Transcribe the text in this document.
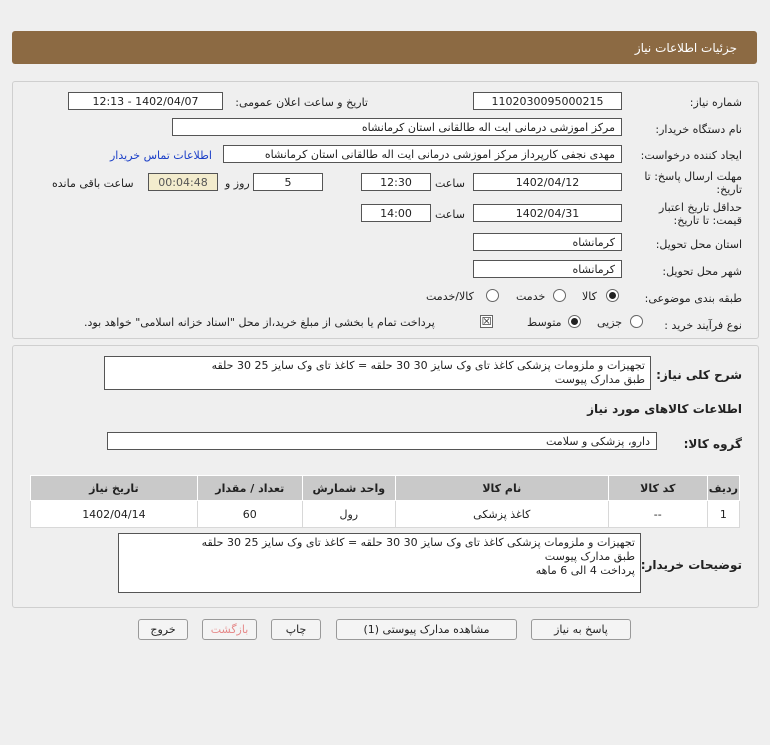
جزئیات اطلاعات نیاز
شماره نیاز:
1102030095000215
تاریخ و ساعت اعلان عمومی:
1402/04/07 - 12:13
نام دستگاه خریدار:
مرکز اموزشی درمانی ایت اله طالقانی استان کرمانشاه
ایجاد کننده درخواست:
مهدی نجفی کارپرداز مرکز اموزشی درمانی ایت اله طالقانی استان کرمانشاه
اطلاعات تماس خریدار
مهلت ارسال پاسخ: تا
تاریخ:
1402/04/12
ساعت
12:30
5
روز و
00:04:48
ساعت باقی مانده
حداقل تاریخ اعتبار
قیمت: تا تاریخ:
1402/04/31
ساعت
14:00
استان محل تحویل:
کرمانشاه
شهر محل تحویل:
کرمانشاه
طبقه بندی موضوعی:
کالا
خدمت
کالا/خدمت
نوع فرآیند خرید :
جزیی
متوسط
☒
پرداخت تمام یا بخشی از مبلغ خرید،از محل "اسناد خزانه اسلامی" خواهد بود.
شرح کلی نیاز:
تجهیزات و ملزومات پزشکی کاغذ تای وک سایز 30 30 حلقه = کاغذ تای وک سایز 25 30 حلقه
طبق مدارک پیوست
اطلاعات کالاهای مورد نیاز
گروه کالا:
دارو، پزشکی و سلامت
ردیف	کد کالا	نام کالا	واحد شمارش	تعداد / مقدار	تاریخ نیاز
1	--	کاغذ پزشکی	رول	60	1402/04/14
توضیحات خریدار:
تجهیزات و ملزومات پزشکی کاغذ تای وک سایز 30 30 حلقه = کاغذ تای وک سایز 25 30 حلقه
طبق مدارک پیوست
پرداخت 4 الی 6 ماهه
پاسخ به نیاز
مشاهده مدارک پیوستی (1)
چاپ
بازگشت
خروج
